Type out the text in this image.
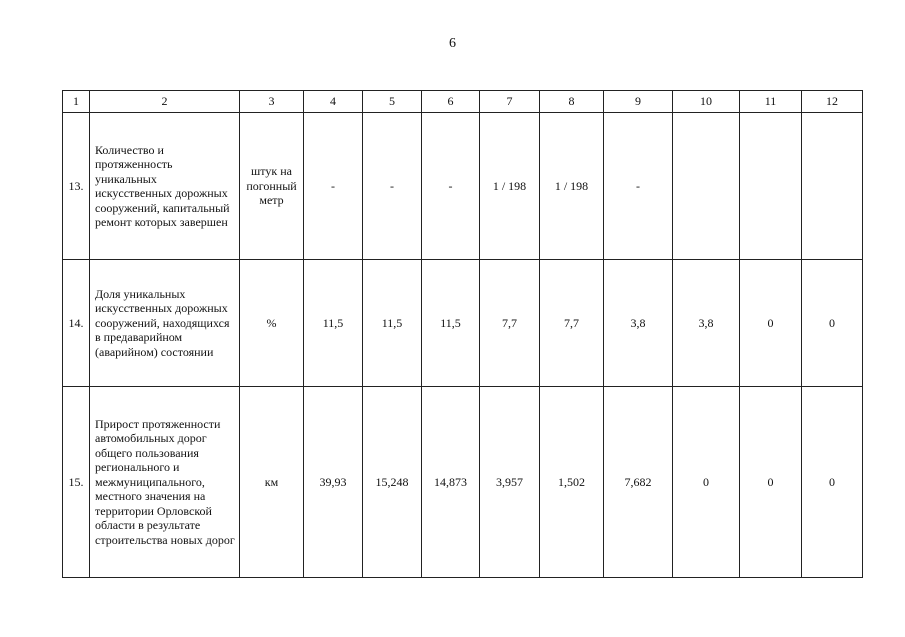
6
1	2	3	4	5	6	7	8	9	10	11	12
13.	Количество и протяженность уникальных искусственных дорожных сооружений, капитальный ремонт которых завершен	штук на погонный метр	-	-	-	1 / 198	1 / 198	-			
14.	Доля уникальных искусственных дорожных сооружений, находящихся в предаварийном (аварийном) состоянии	%	11,5	11,5	11,5	7,7	7,7	3,8	3,8	0	0
15.	Прирост протяженности автомобильных дорог общего пользования регионального и межмуниципального, местного значения на территории Орловской области в результате строительства новых дорог	км	39,93	15,248	14,873	3,957	1,502	7,682	0	0	0
